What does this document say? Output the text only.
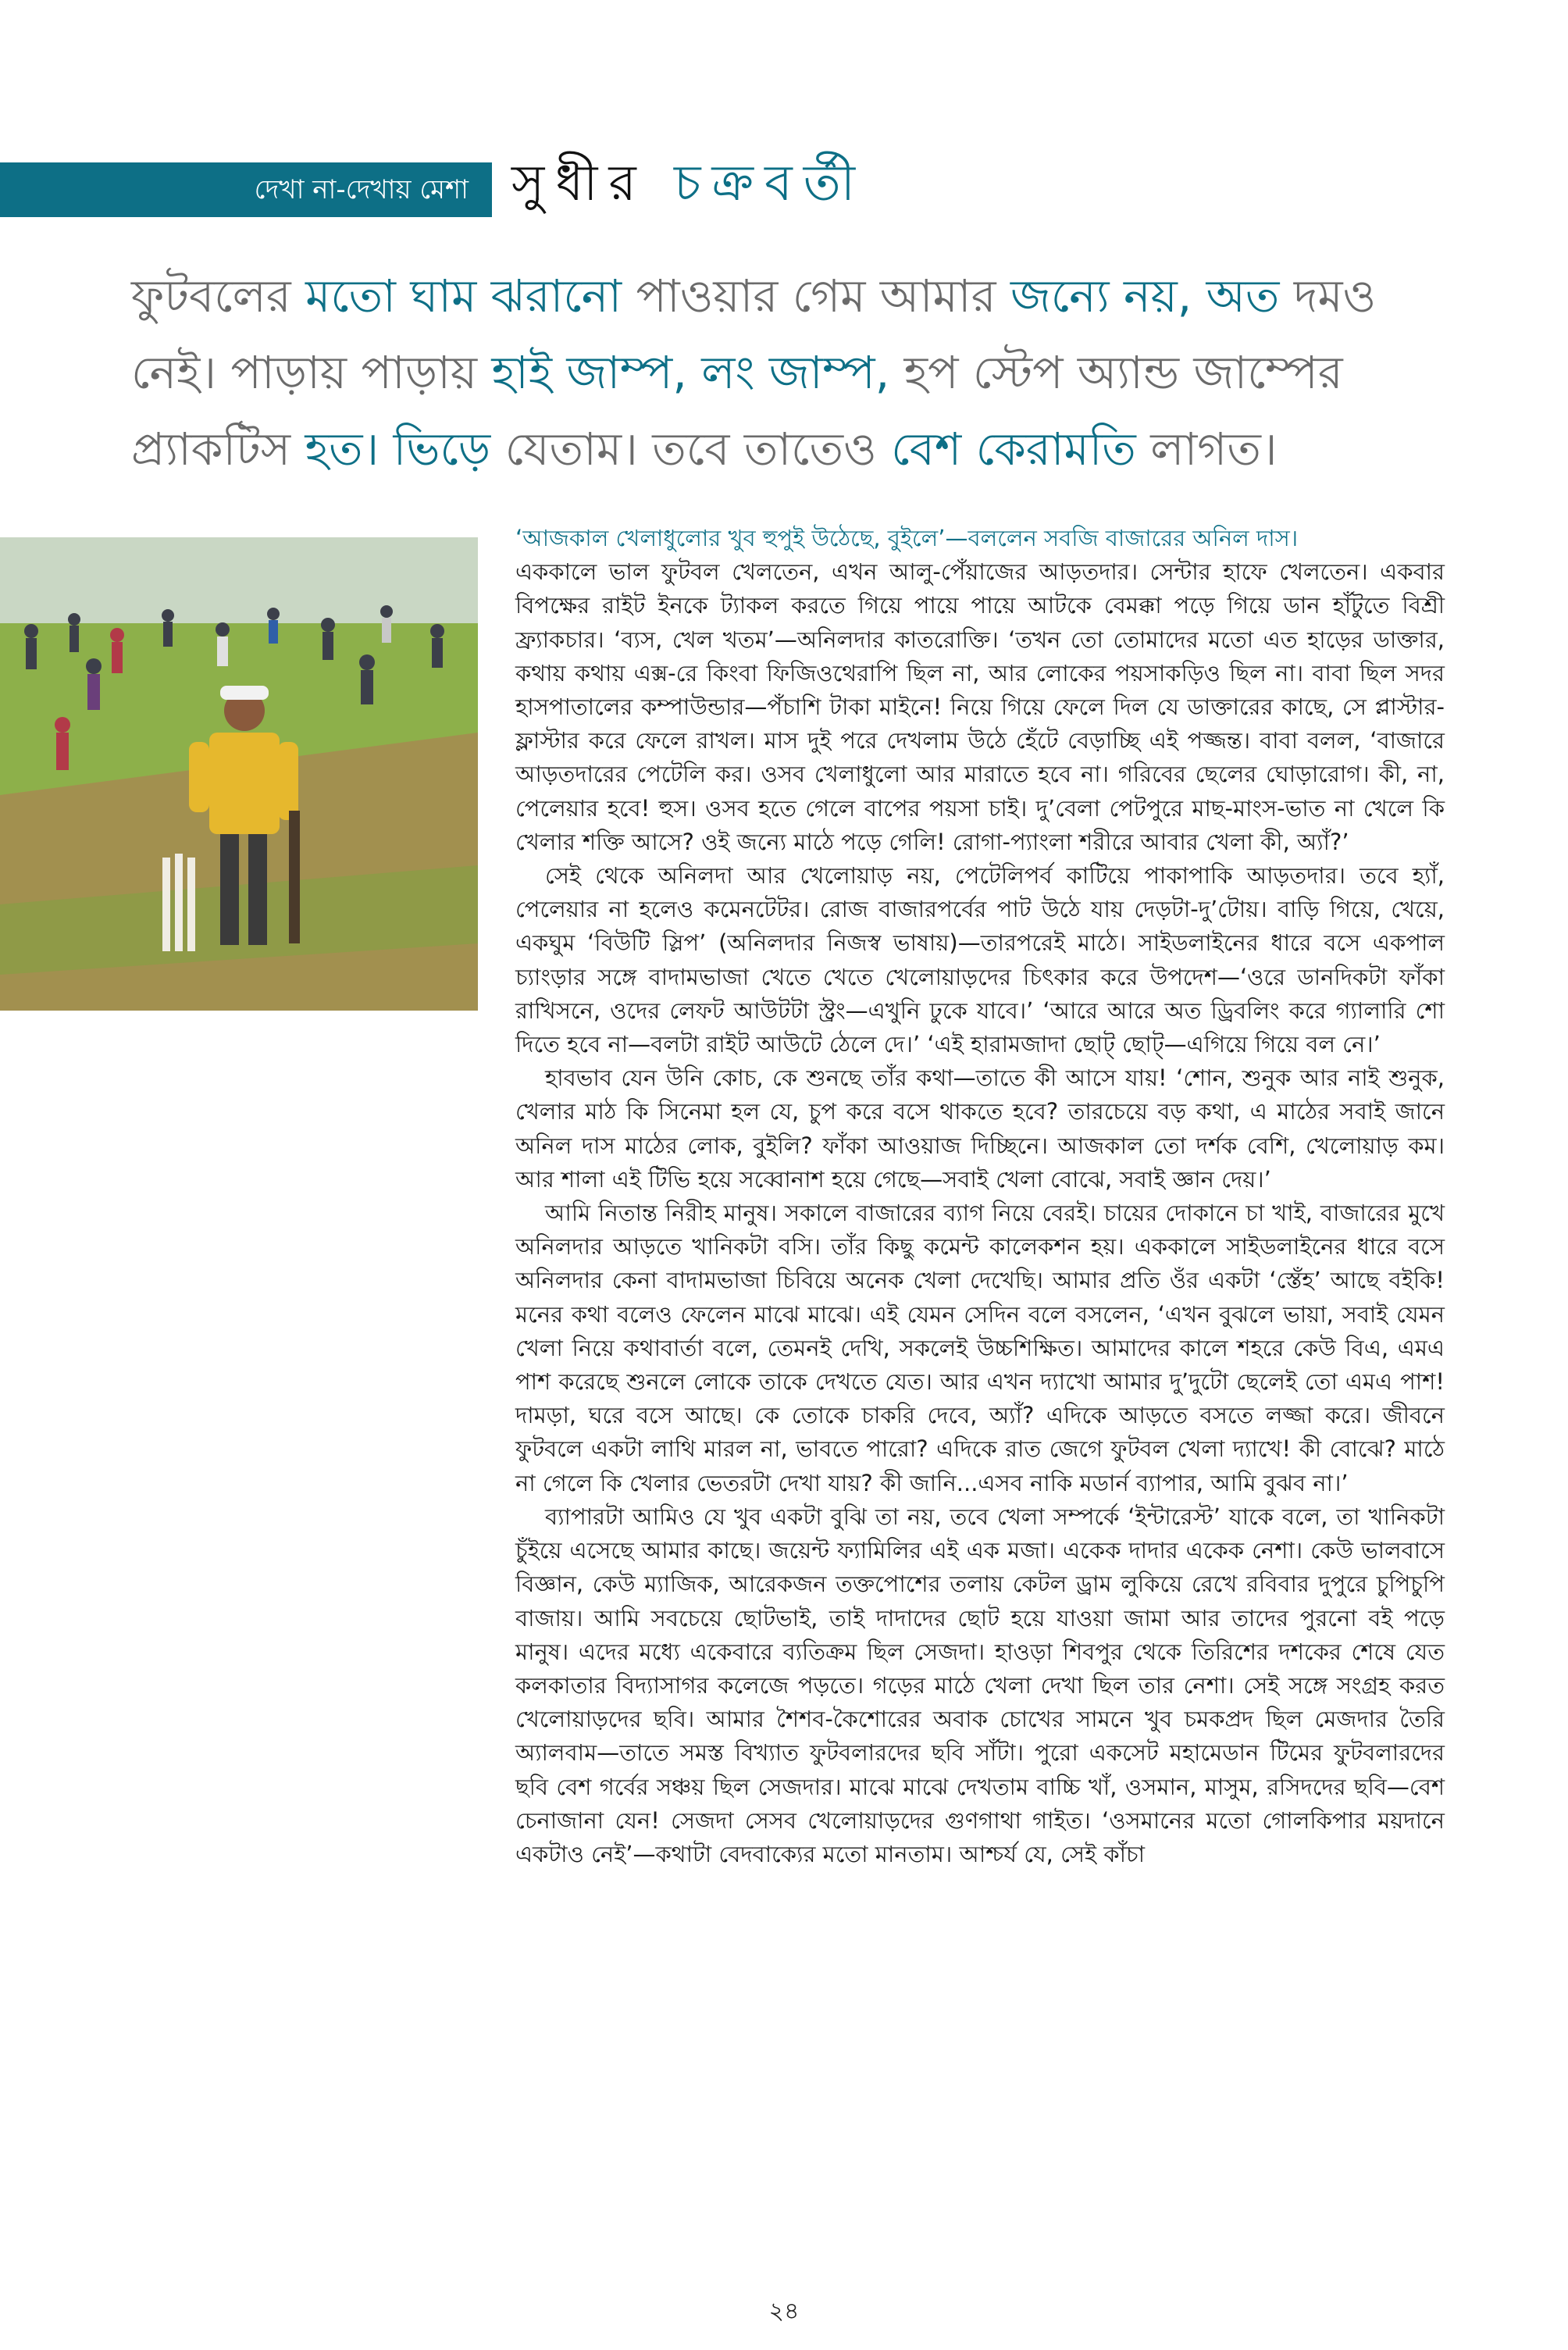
দেখা না-দেখায় মেশা সুধীর চক্রবর্তী
ফুটবলের মতো ঘাম ঝরানো পাওয়ার গেম আমার জন্যে নয়, অত দমও নেই। পাড়ায় পাড়ায় হাই জাম্প, লং জাম্প, হপ স্টেপ অ্যান্ড জাম্পের প্র্যাকটিস হত। ভিড়ে যেতাম। তবে তাতেও বেশ কেরামতি লাগত।

‘আজকাল খেলাধুলোর খুব হুপুই উঠেছে, বুইলে’—বললেন সবজি বাজারের অনিল দাস।

এককালে ভাল ফুটবল খেলতেন, এখন আলু-পেঁয়াজের আড়তদার। সেন্টার হাফে খেলতেন। একবার বিপক্ষের রাইট ইনকে ট্যাকল করতে গিয়ে পায়ে পায়ে আটকে বেমক্কা পড়ে গিয়ে ডান হাঁটুতে বিশ্রী ফ্র্যাকচার। ‘ব্যস, খেল খতম’—অনিলদার কাতরোক্তি। ‘তখন তো তোমাদের মতো এত হাড়ের ডাক্তার, কথায় কথায় এক্স-রে কিংবা ফিজিওথেরাপি ছিল না, আর লোকের পয়সাকড়িও ছিল না। বাবা ছিল সদর হাসপাতালের কম্পাউন্ডার—পঁচাশি টাকা মাইনে! নিয়ে গিয়ে ফেলে দিল যে ডাক্তারের কাছে, সে প্লাস্টার-ফ্লাস্টার করে ফেলে রাখল। মাস দুই পরে দেখলাম উঠে হেঁটে বেড়াচ্ছি এই পজ্জন্ত। বাবা বলল, ‘বাজারে আড়তদারের পেটেলি কর। ওসব খেলাধুলো আর মারাতে হবে না। গরিবের ছেলের ঘোড়ারোগ। কী, না, পেলেয়ার হবে! হুস। ওসব হতে গেলে বাপের পয়সা চাই। দু’বেলা পেটপুরে মাছ-মাংস-ভাত না খেলে কি খেলার শক্তি আসে? ওই জন্যে মাঠে পড়ে গেলি! রোগা-প্যাংলা শরীরে আবার খেলা কী, অ্যাঁ?’

সেই থেকে অনিলদা আর খেলোয়াড় নয়, পেটেলিপর্ব কাটিয়ে পাকাপাকি আড়তদার। তবে হ্যাঁ, পেলেয়ার না হলেও কমেনটেটর। রোজ বাজারপর্বের পাট উঠে যায় দেড়টা-দু’টোয়। বাড়ি গিয়ে, খেয়ে, একঘুম ‘বিউটি স্লিপ’ (অনিলদার নিজস্ব ভাষায়)—তারপরেই মাঠে। সাইডলাইনের ধারে বসে একপাল চ্যাংড়ার সঙ্গে বাদামভাজা খেতে খেতে খেলোয়াড়দের চিৎকার করে উপদেশ—‘ওরে ডানদিকটা ফাঁকা রাখিসনে, ওদের লেফট আউটটা স্ট্রং—এখুনি ঢুকে যাবে।’ ‘আরে আরে অত ড্রিবলিং করে গ্যালারি শো দিতে হবে না—বলটা রাইট আউটে ঠেলে দে।’ ‘এই হারামজাদা ছোট্ ছোট্—এগিয়ে গিয়ে বল নে।’

হাবভাব যেন উনি কোচ, কে শুনছে তাঁর কথা—তাতে কী আসে যায়! ‘শোন, শুনুক আর নাই শুনুক, খেলার মাঠ কি সিনেমা হল যে, চুপ করে বসে থাকতে হবে? তারচেয়ে বড় কথা, এ মাঠের সবাই জানে অনিল দাস মাঠের লোক, বুইলি? ফাঁকা আওয়াজ দিচ্ছিনে। আজকাল তো দর্শক বেশি, খেলোয়াড় কম। আর শালা এই টিভি হয়ে সব্বোনাশ হয়ে গেছে—সবাই খেলা বোঝে, সবাই জ্ঞান দেয়।’

আমি নিতান্ত নিরীহ মানুষ। সকালে বাজারের ব্যাগ নিয়ে বেরই। চায়ের দোকানে চা খাই, বাজারের মুখে অনিলদার আড়তে খানিকটা বসি। তাঁর কিছু কমেন্ট কালেকশন হয়। এককালে সাইডলাইনের ধারে বসে অনিলদার কেনা বাদামভাজা চিবিয়ে অনেক খেলা দেখেছি। আমার প্রতি ওঁর একটা ‘স্তেঁহ’ আছে বইকি! মনের কথা বলেও ফেলেন মাঝে মাঝে। এই যেমন সেদিন বলে বসলেন, ‘এখন বুঝলে ভায়া, সবাই যেমন খেলা নিয়ে কথাবার্তা বলে, তেমনই দেখি, সকলেই উচ্চশিক্ষিত। আমাদের কালে শহরে কেউ বিএ, এমএ পাশ করেছে শুনলে লোকে তাকে দেখতে যেত। আর এখন দ্যাখো আমার দু’দুটো ছেলেই তো এমএ পাশ! দামড়া, ঘরে বসে আছে। কে তোকে চাকরি দেবে, অ্যাঁ? এদিকে আড়তে বসতে লজ্জা করে। জীবনে ফুটবলে একটা লাথি মারল না, ভাবতে পারো? এদিকে রাত জেগে ফুটবল খেলা দ্যাখে! কী বোঝে? মাঠে না গেলে কি খেলার ভেতরটা দেখা যায়? কী জানি...এসব নাকি মডার্ন ব্যাপার, আমি বুঝব না।’

ব্যাপারটা আমিও যে খুব একটা বুঝি তা নয়, তবে খেলা সম্পর্কে ‘ইন্টারেস্ট’ যাকে বলে, তা খানিকটা চুঁইয়ে এসেছে আমার কাছে। জয়েন্ট ফ্যামিলির এই এক মজা। একেক দাদার একেক নেশা। কেউ ভালবাসে বিজ্ঞান, কেউ ম্যাজিক, আরেকজন তক্তপোশের তলায় কেটল ড্রাম লুকিয়ে রেখে রবিবার দুপুরে চুপিচুপি বাজায়। আমি সবচেয়ে ছোটভাই, তাই দাদাদের ছোট হয়ে যাওয়া জামা আর তাদের পুরনো বই পড়ে মানুষ। এদের মধ্যে একেবারে ব্যতিক্রম ছিল সেজদা। হাওড়া শিবপুর থেকে তিরিশের দশকের শেষে যেত কলকাতার বিদ্যাসাগর কলেজে পড়তে। গড়ের মাঠে খেলা দেখা ছিল তার নেশা। সেই সঙ্গে সংগ্রহ করত খেলোয়াড়দের ছবি। আমার শৈশব-কৈশোরের অবাক চোখের সামনে খুব চমকপ্রদ ছিল মেজদার তৈরি অ্যালবাম—তাতে সমস্ত বিখ্যাত ফুটবলারদের ছবি সাঁটা। পুরো একসেট মহামেডান টিমের ফুটবলারদের ছবি বেশ গর্বের সঞ্চয় ছিল সেজদার। মাঝে মাঝে দেখতাম বাচ্চি খাঁ, ওসমান, মাসুম, রসিদদের ছবি—বেশ চেনাজানা যেন! সেজদা সেসব খেলোয়াড়দের গুণগাথা গাইত। ‘ওসমানের মতো গোলকিপার ময়দানে একটাও নেই’—কথাটা বেদবাক্যের মতো মানতাম। আশ্চর্য যে, সেই কাঁচা

২৪
